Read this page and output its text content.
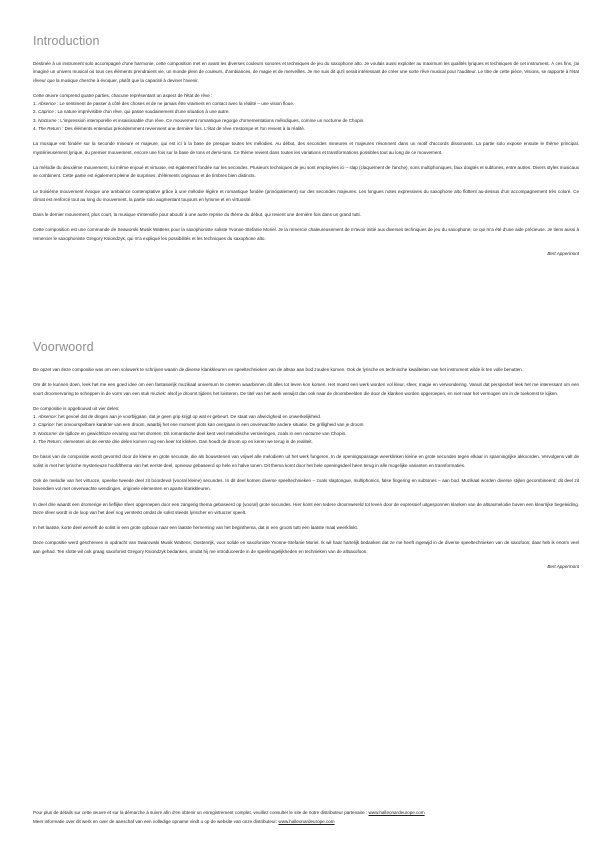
Introduction

Destinée à un instrument solo accompagné d'une harmonie, cette composition met en avant les diverses couleurs sonores et techniques de jeu du saxophone alto. Je voulais aussi exploiter au maximum les qualités lyriques et techniques de cet instrument. À ces fins, j'ai imaginé un univers musical où tous ces éléments prendraient vie, un monde plein de couleurs, d'ambiances, de magie et de merveilles. Je me suis dit qu'il serait intéressant de créer une sorte rêve musical pour l'auditeur. Le titre de cette pièce, Visions, se rapporte à l'état rêveur que la musique cherche à évoquer, plutôt que la capacité à deviner l'avenir.

Cette œuvre comprend quatre parties, chacune représentant un aspect de l'état de rêve :

1. Absence : Le sentiment de passer à côté des choses et de ne jamais être vraiment en contact avec la réalité – une vision floue.
2. Caprice : La nature imprévisible d'un rêve, qui passe soudainement d'une situation à une autre.
3. Nocturne : L'impression intemporelle et insaisissable d'un rêve. Ce mouvement romantique regorge d'ornementations mélodiques, comme un nocturne de Chopin.
4. The Return : Des éléments entendus précédemment reviennent une dernière fois. L'état de rêve s'estompe et l'on revient à la réalité.

La musique est fondée sur la seconde mineure et majeure, qui est ici à la base de presque toutes les mélodies. Au début, des secondes mineures et majeures résonnent dans un motif d'accords dissonants. La partie solo expose ensuite le thème principal, mystérieusement lyrique, du premier mouvement, encore une fois sur la base de tons et demi-tons. Ce thème revient dans toutes les variations et transformations possibles tout au long de ce mouvement.

La mélodie du deuxième mouvement, lui même enjoué et virtuose, est également fondée sur les secondes. Plusieurs techniques de jeu sont employées ici – slap (claquement de l'anche), sons multiphoniques, faux doigtés et subtones, entre autres. Divers styles musicaux se combinent. Cette partie est également pleine de surprises, d'éléments originaux et de timbres bien distincts.

Le troisième mouvement évoque une ambiance contemplative grâce à une mélodie légère et romantique fondée (principalement) sur des secondes majeures. Les longues notes expressives du saxophone alto flottent au-dessus d'un accompagnement très coloré. Ce climat est renforcé tout au long du mouvement, la partie solo augmentant toujours en lyrisme et en virtuosité.

Dans le dernier mouvement, plus court, la musique s'intensifie pour aboutir à une autre reprise du thème du début, qui revient une dernière fois dans un grand tutti.

Cette composition est une commande de Seaworski Musik Wattens pour la saxophoniste soliste Yvonne-Stefanie Moriel. Je la remercie chaleureusement de m'avoir initié aux diverses techniques de jeu du saxophone, ce qui m'a été d'une aide précieuse. Je tiens aussi à remercier le saxophoniste Gregory Ksiondzyk, qui m'a expliqué les possibilités et les techniques du saxophone alto.

Bert Appermont

Voorwoord

De opzet van deze compositie was om een solowerk te schrijven waarin de diverse klankkleuren en speeltechnieken van de altsax aan bod zouden komen. Ook de lyrische en technische kwaliteiten van het instrument wilde ik ten volle benutten.

Om dit te kunnen doen, leek het me een goed idee om een fantasierijk muzikaal universum te creëren waarbinnen dit alles tot leven kon komen. Het moest een werk worden vol kleur, sfeer, magie en verwondering. Vanuit dat perspectief leek het me interessant om een soort droomervaring te scheppen in de vorm van een stuk muziek: alsof je droomt tijdens het luisteren. De titel van het werk verwijst dan ook naar de droombeelden die door de klanken worden opgeroepen, en niet naar het vermogen om in de toekomst te kijken.

De compositie is opgebouwd uit vier delen:

1. Absence: het gevoel dat de dingen aan je voorbijgaan, dat je geen grip krijgt op wat er gebeurt. De staat van afwezigheid en onwerkelijkheid.
2. Caprice: het onvoorspelbare karakter van een droom, waarbij het ene moment plots kan overgaan in een onverwachte andere situatie. De grilligheid van je droom.
3. Nocturne: de tijdloze en gewichtloze ervaring van het dromen. Dit romantische deel kent veel melodische versieringen, zoals in een nocturne van Chopin.
4. The Return: elementen uit de eerste drie delen komen nog een keer tot klinken. Dan houdt de droom op en keren we terug in de realiteit.

De basis van de compositie wordt gevormd door de kleine en grote secunde, die als bouwstenen van vrijwel alle melodieën uit het werk fungeren. In de openingspassage weerklinken kleine en grote secundes tegen elkaar in spanningrijke akkoorden. Vervolgens valt de solist in met het lyrische mysterieuze hoofdthema van het eerste deel, opnieuw gebaseerd op hele en halve tonen. Dit thema komt door het hele openingsdeel heen terug in alle mogelijke varianten en transformaties.

Ook de melodie van het virtuoze, speelse tweede deel zit boordevol (vooral kleine) secundes. In dit deel komen diverse speeltechnieken – zoals slaptongue, multiphonics, false fingering en subtones – aan bod. Muzikaal worden diverse stijlen gecombineerd; dit deel zit bovendien vol met onverwachte wendingen, originele elementen en aparte klankkleuren.

In deel drie waardt een dromerige en lieflijke sfeer opgeroepen door een zangerig thema gebaseerd op (vooral) grote secundes. Hier komt een tedere droomwereld tot leven door de expressief uitgesponnen klanken van de altsaxmelodie boven een kleurrijke begeleiding. Deze sfeer wordt in de loop van het deel nog versterkt omdat de solist steeds lyrischer en virtuozer speelt.

In het laatste, korte deel werveft de solist in een grote opbouw naar een laatste herneming van het beginthema, dat in een groots tutti een laatste maal weerklinkt.

Deze compositie werd geschreven in opdracht van Swarowski Musik Wattens, Oostenrijk, voor solide en saxofoniste Yvonne-Stefanie Moriel. Ik wil haar hartelijk bedanken dat ze me heeft ingewijd in de diverse speeltechnieken van de saxofoon; daar heb ik enorm veel aan gehad. Ten slotte wil ook graag saxofonist Gregory Ksiondzyk bedanken, omdat hij me introduceerde in de speelmogelijkheden en technieken van de altsaxofoon.

Bert Appermont

Pour plus de détails sur cette œuvre et sur la démarche à suivre afin d'en obtenir un enregistrement complet, veuillez consulter le site de notre distributeur partenaire : www.halleonardeurope.com

Meer informatie over dit werk en over de aanschaf van een volledige opname vindt u op de website van onze distributeur: www.halleonardeurope.com
